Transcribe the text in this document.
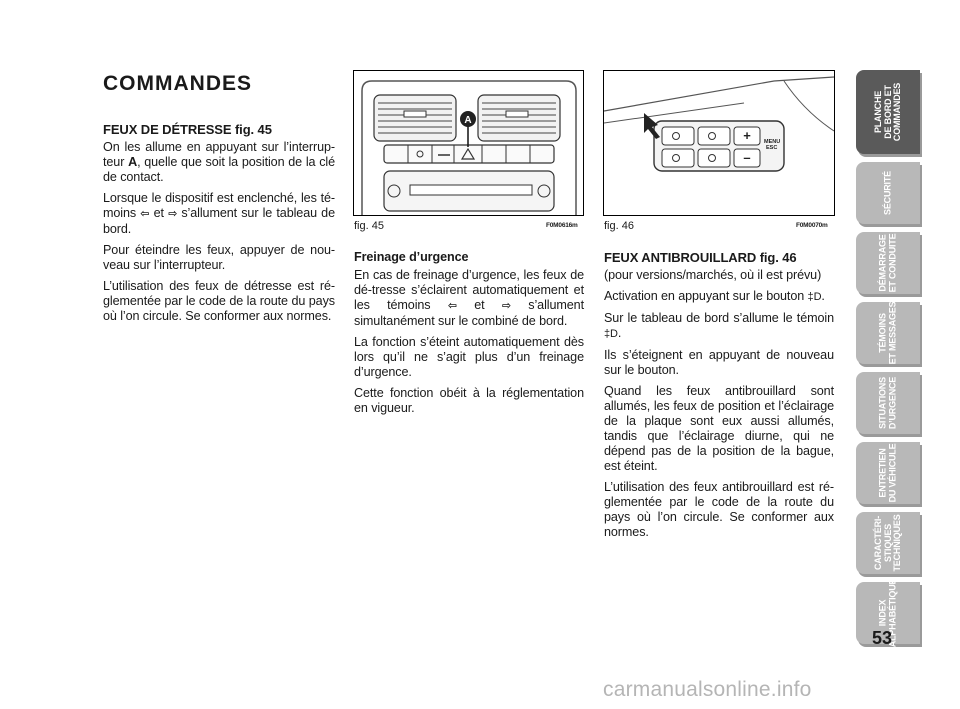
COMMANDES
FEUX DE DÉTRESSE fig. 45

On les allume en appuyant sur l’interrup-teur A, quelle que soit la position de la clé de contact.

Lorsque le dispositif est enclenché, les té-moins ⇦ et ⇨ s’allument sur le tableau de bord.

Pour éteindre les feux, appuyer de nou-veau sur l’interrupteur.

L’utilisation des feux de détresse est ré-glementée par le code de la route du pays où l’on circule. Se conformer aux normes.

A
fig. 45	F0M0616m
+
–
MENU
ESC
fig. 46	F0M0070m
Freinage d’urgence

En cas de freinage d’urgence, les feux de dé-tresse s’éclairent automatiquement et les témoins ⇦ et ⇨ s’allument simultanément sur le combiné de bord.

La fonction s’éteint automatiquement dès lors qu’il ne s’agit plus d’un freinage d’urgence.

Cette fonction obéit à la réglementation en vigueur.

FEUX ANTIBROUILLARD fig. 46

(pour versions/marchés, où il est prévu)

Activation en appuyant sur le bouton ‡D.

Sur le tableau de bord s’allume le témoin ‡D.

Ils s’éteignent en appuyant de nouveau sur le bouton.

Quand les feux antibrouillard sont allumés, les feux de position et l’éclairage de la plaque sont eux aussi allumés, tandis que l’éclairage diurne, qui ne dépend pas de la position de la bague, est éteint.

L’utilisation des feux antibrouillard est ré-glementée par le code de la route du pays où l’on circule. Se conformer aux normes.

PLANCHE
DE BORD ET
COMMANDES
SÉCURITÉ
DÉMARRAGE
ET CONDUITE
TÉMOINS
ET MESSAGES
SITUATIONS
D’URGENCE
ENTRETIEN
DU VÉHICULE
CARACTÉRI-
STIQUES
TECHNIQUES
INDEX
ALPHABÉTIQUE
53
carmanualsonline.info
